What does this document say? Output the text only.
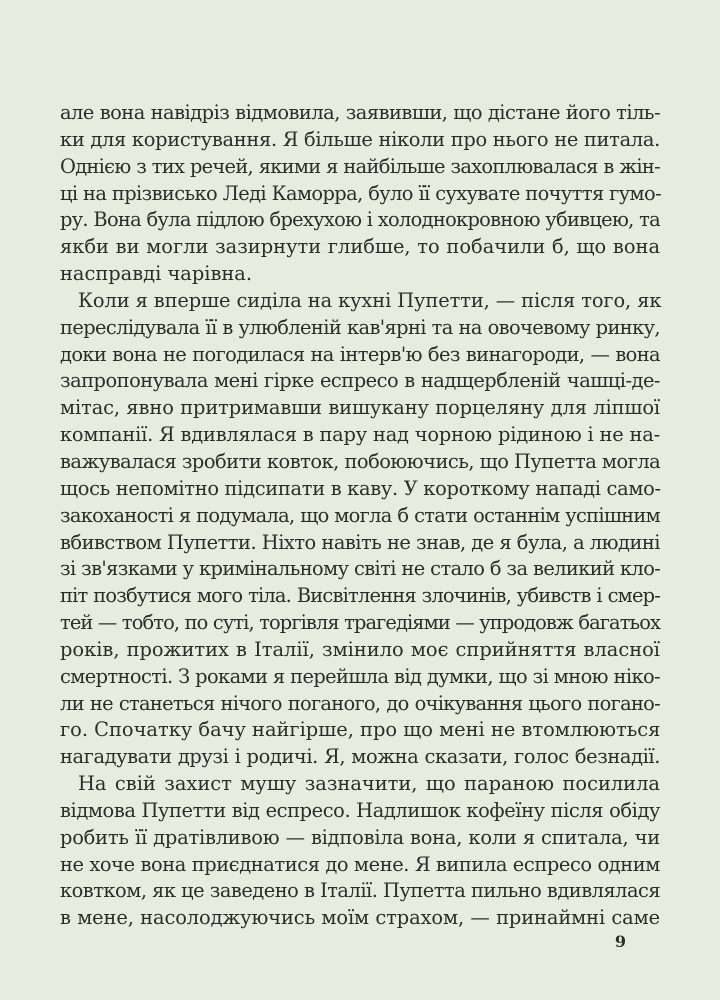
але вона навідріз відмовила, заявивши, що дістане його тіль-
ки для користування. Я більше ніколи про нього не питала.
Однією з тих речей, якими я найбільше захоплювалася в жін-
ці на прізвисько Леді Каморра, було її сухувате почуття гумо-
ру. Вона була підлою брехухою і холоднокровною убивцею, та
якби ви могли зазирнути глибше, то побачили б, що вона
насправді чарівна.
Коли я вперше сиділа на кухні Пупетти, — після того, як
переслідувала її в улюбленій кав'ярні та на овочевому ринку,
доки вона не погодилася на інтерв'ю без винагороди, — вона
запропонувала мені гірке еспресо в надщербленій чашці-де-
мітас, явно притримавши вишукану порцеляну для ліпшої
компанії. Я вдивлялася в пару над чорною рідиною і не на-
важувалася зробити ковток, побоюючись, що Пупетта могла
щось непомітно підсипати в каву. У короткому нападі само-
закоханості я подумала, що могла б стати останнім успішним
вбивством Пупетти. Ніхто навіть не знав, де я була, а людині
зі зв'язками у кримінальному світі не стало б за великий кло-
піт позбутися мого тіла. Висвітлення злочинів, убивств і смер-
тей — тобто, по суті, торгівля трагедіями — упродовж багатьох
років, прожитих в Італії, змінило моє сприйняття власної
смертності. З роками я перейшла від думки, що зі мною ніко-
ли не станеться нічого поганого, до очікування цього погано-
го. Спочатку бачу найгірше, про що мені не втомлюються
нагадувати друзі і родичі. Я, можна сказати, голос безнадії.
На свій захист мушу зазначити, що параною посилила
відмова Пупетти від еспресо. Надлишок кофеїну після обіду
робить її дратівливою — відповіла вона, коли я спитала, чи
не хоче вона приєднатися до мене. Я випила еспресо одним
ковтком, як це заведено в Італії. Пупетта пильно вдивлялася
в мене, насолоджуючись моїм страхом, — принаймні саме
9
